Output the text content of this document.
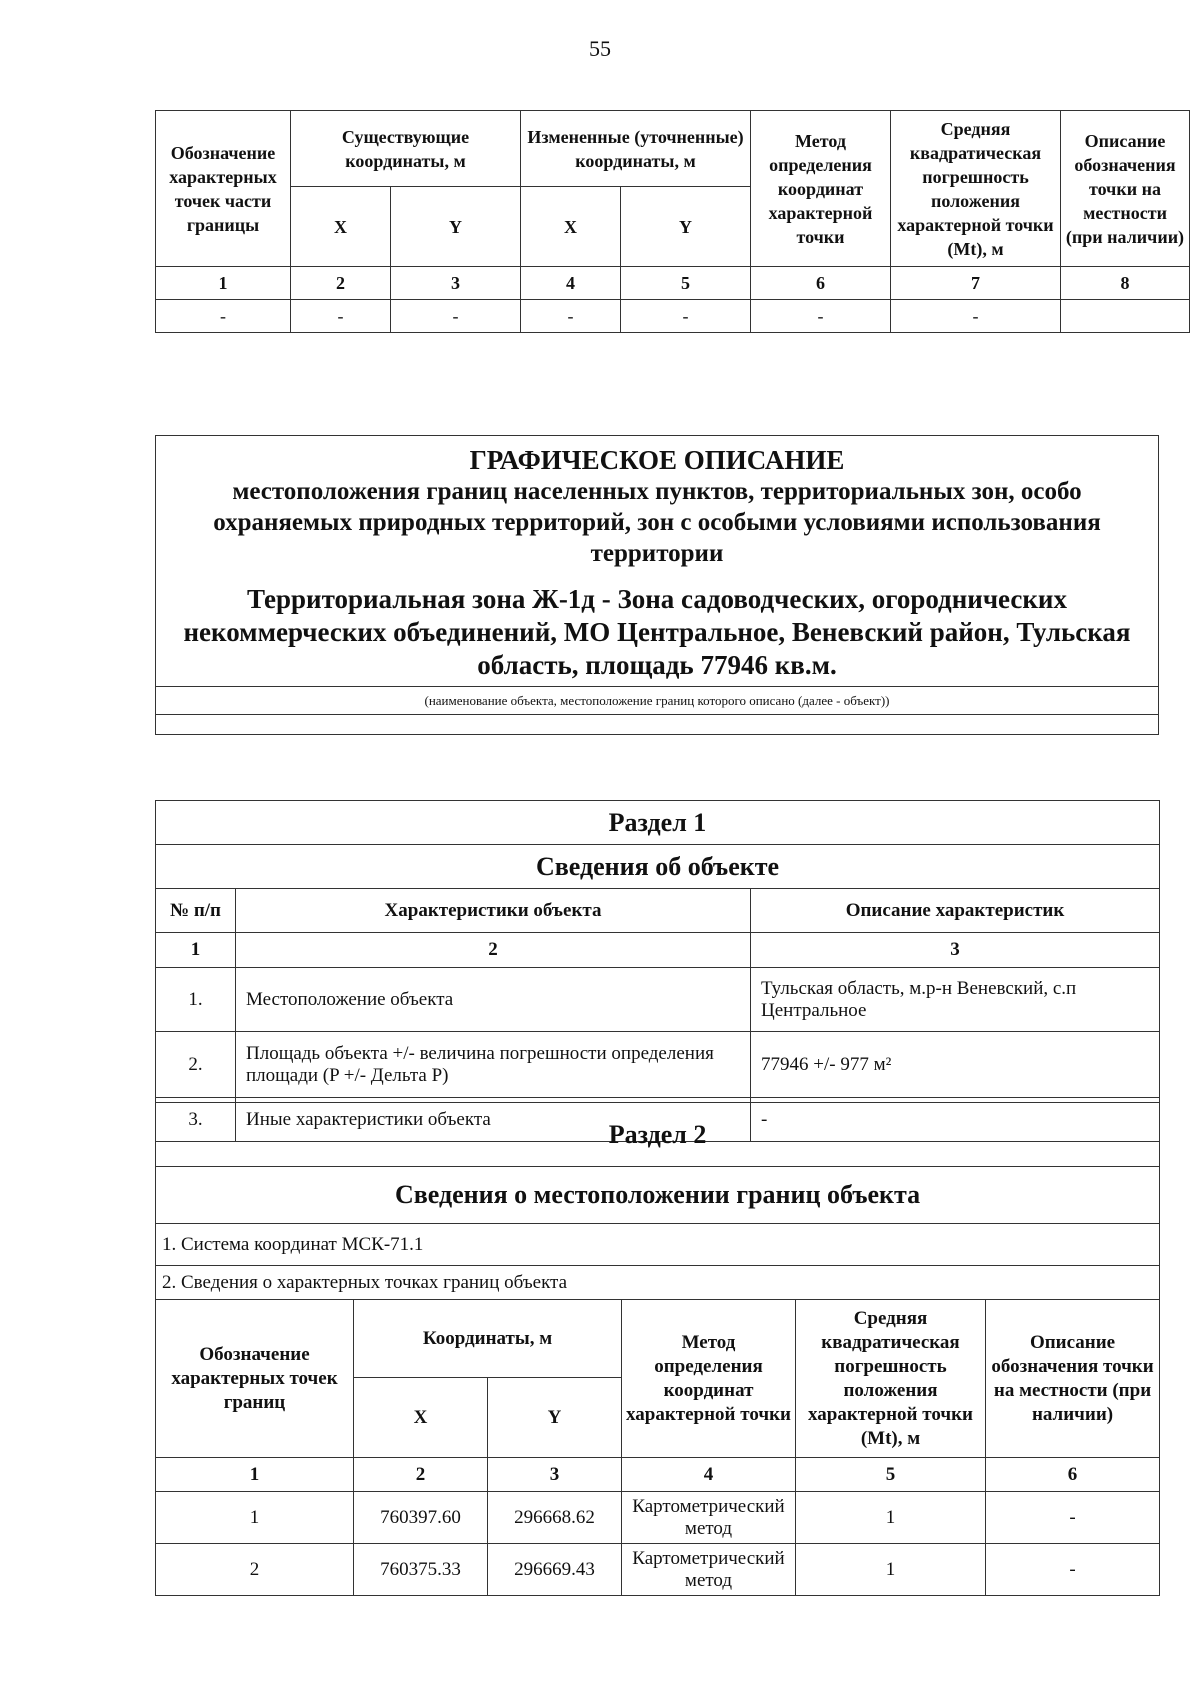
55
Обозначение характерных точек части границы	Существующие координаты, м		Измененные (уточненные) координаты, м		Метод определения координат характерной точки	Средняя квадратическая погрешность положения характерной точки (Mt), м	Описание обозначения точки на местности (при наличии)
	X	Y	X	Y			
1	2	3	4	5	6	7	8
-	-	-	-	-	-	-	
ГРАФИЧЕСКОЕ ОПИСАНИЕ
местоположения границ населенных пунктов, территориальных зон, особо охраняемых природных территорий, зон с особыми условиями использования территории
Территориальная зона Ж-1д - Зона садоводческих, огороднических некоммерческих объединений, МО Центральное, Веневский район, Тульская область, площадь 77946 кв.м.

(наименование объекта, местоположение границ которого описано (далее - объект))

Раздел 1		
Сведения об объекте		
№ п/п	Характеристики объекта	Описание характеристик
1	2	3
1.	Местоположение объекта	Тульская область, м.р-н Веневский, с.п Центральное
2.	Площадь объекта +/- величина погрешности определения площади (P +/- Дельта P)	77946 +/- 977 м²
3.	Иные характеристики объекта	-
Раздел 2					
Сведения о местоположении границ объекта					
1. Система координат МСК-71.1					
2. Сведения о характерных точках границ объекта					
Обозначение характерных точек границ	Координаты, м		Метод определения координат характерной точки	Средняя квадратическая погрешность положения характерной точки (Mt), м	Описание обозначения точки на местности (при наличии)
	X	Y			
1	2	3	4	5	6
1	760397.60	296668.62	Картометрический метод	1	-
2	760375.33	296669.43	Картометрический метод	1	-
